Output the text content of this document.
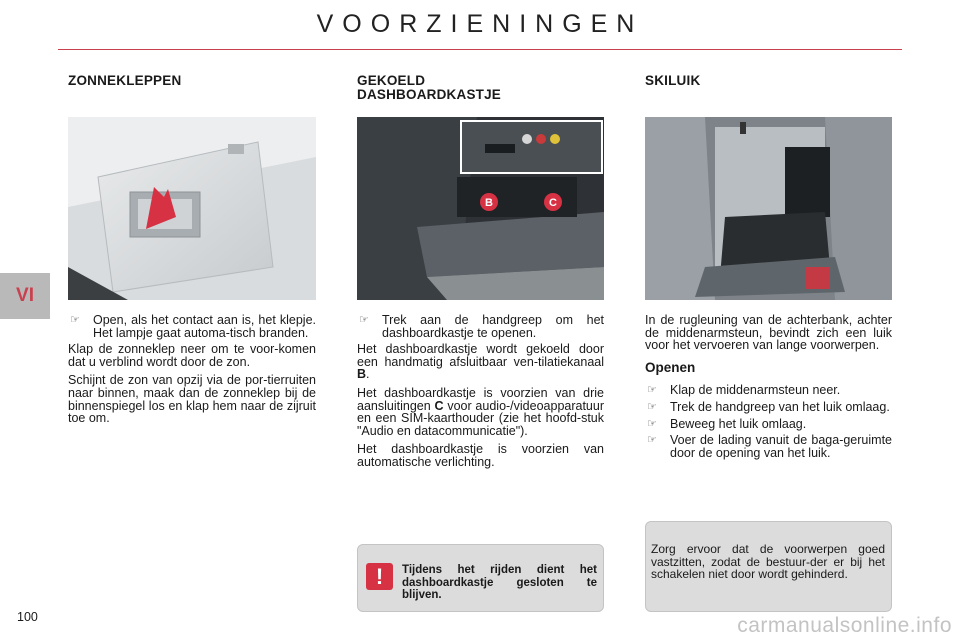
VOORZIENINGEN
VI
ZONNEKLEPPEN
☞	Open, als het contact aan is, het klepje. Het lampje gaat automa-tisch branden.

Klap de zonneklep neer om te voor-komen dat u verblind wordt door de zon.

Schijnt de zon van opzij via de por-tierruiten naar binnen, maak dan de zonneklep bij de binnenspiegel los en klap hem naar de zijruit toe om.

GEKOELD
DASHBOARDKASTJE
B	C
☞	Trek aan de handgreep om het dashboardkastje te openen.

Het dashboardkastje wordt gekoeld door een handmatig afsluitbaar ven-tilatiekanaal B.

Het dashboardkastje is voorzien van drie aansluitingen C voor audio-/videoapparatuur en een SIM-kaarthouder (zie het hoofd-stuk "Audio en datacommunicatie").

Het dashboardkastje is voorzien van automatische verlichting.

SKILUIK

In de rugleuning van de achterbank, achter de middenarmsteun, bevindt zich een luik voor het vervoeren van lange voorwerpen.

Openen
☞	Klap de middenarmsteun neer.
☞	Trek de handgreep van het luik omlaag.
☞	Beweeg het luik omlaag.
☞	Voer de lading vanuit de baga-geruimte door de opening van het luik.
!	Tijdens het rijden dient het dashboardkastje gesloten te blijven.
Zorg ervoor dat de voorwerpen goed vastzitten, zodat de bestuur-der er bij het schakelen niet door wordt gehinderd.
100	carmanualsonline.info
